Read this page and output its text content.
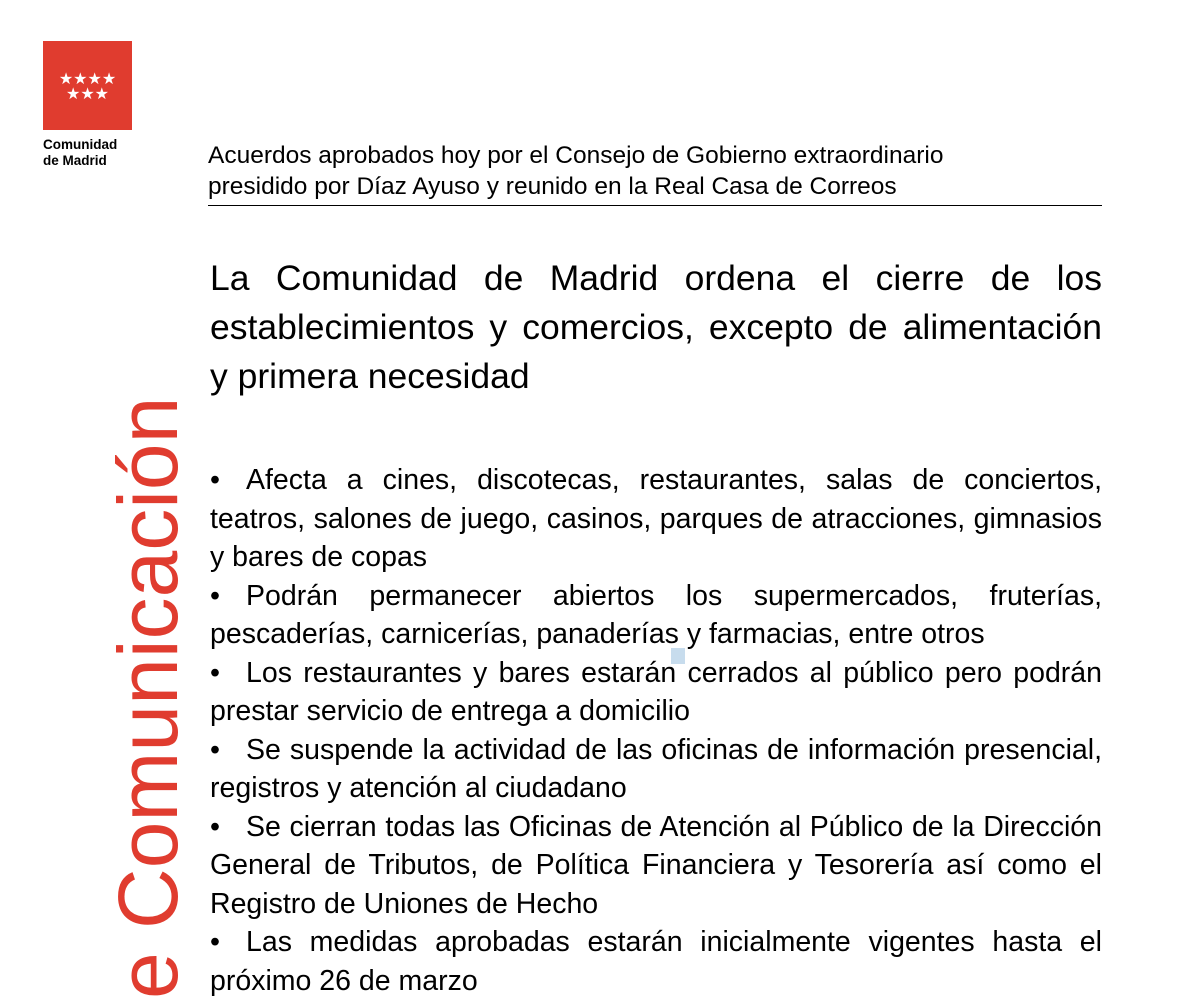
★★★★
★★★
Comunidad
de Madrid
e Comunicación
Acuerdos aprobados hoy por el Consejo de Gobierno extraordinario
presidido por Díaz Ayuso y reunido en la Real Casa de Correos
La Comunidad de Madrid ordena el cierre de los establecimientos y comercios, excepto de alimentación y primera necesidad
• Afecta a cines, discotecas, restaurantes, salas de conciertos, teatros, salones de juego, casinos, parques de atracciones, gimnasios y bares de copas
• Podrán permanecer abiertos los supermercados, fruterías, pescaderías, carnicerías, panaderías y farmacias, entre otros
• Los restaurantes y bares estarán cerrados al público pero podrán prestar servicio de entrega a domicilio
• Se suspende la actividad de las oficinas de información presencial, registros y atención al ciudadano
• Se cierran todas las Oficinas de Atención al Público de la Dirección General de Tributos, de Política Financiera y Tesorería así como el Registro de Uniones de Hecho
• Las medidas aprobadas estarán inicialmente vigentes hasta el próximo 26 de marzo
